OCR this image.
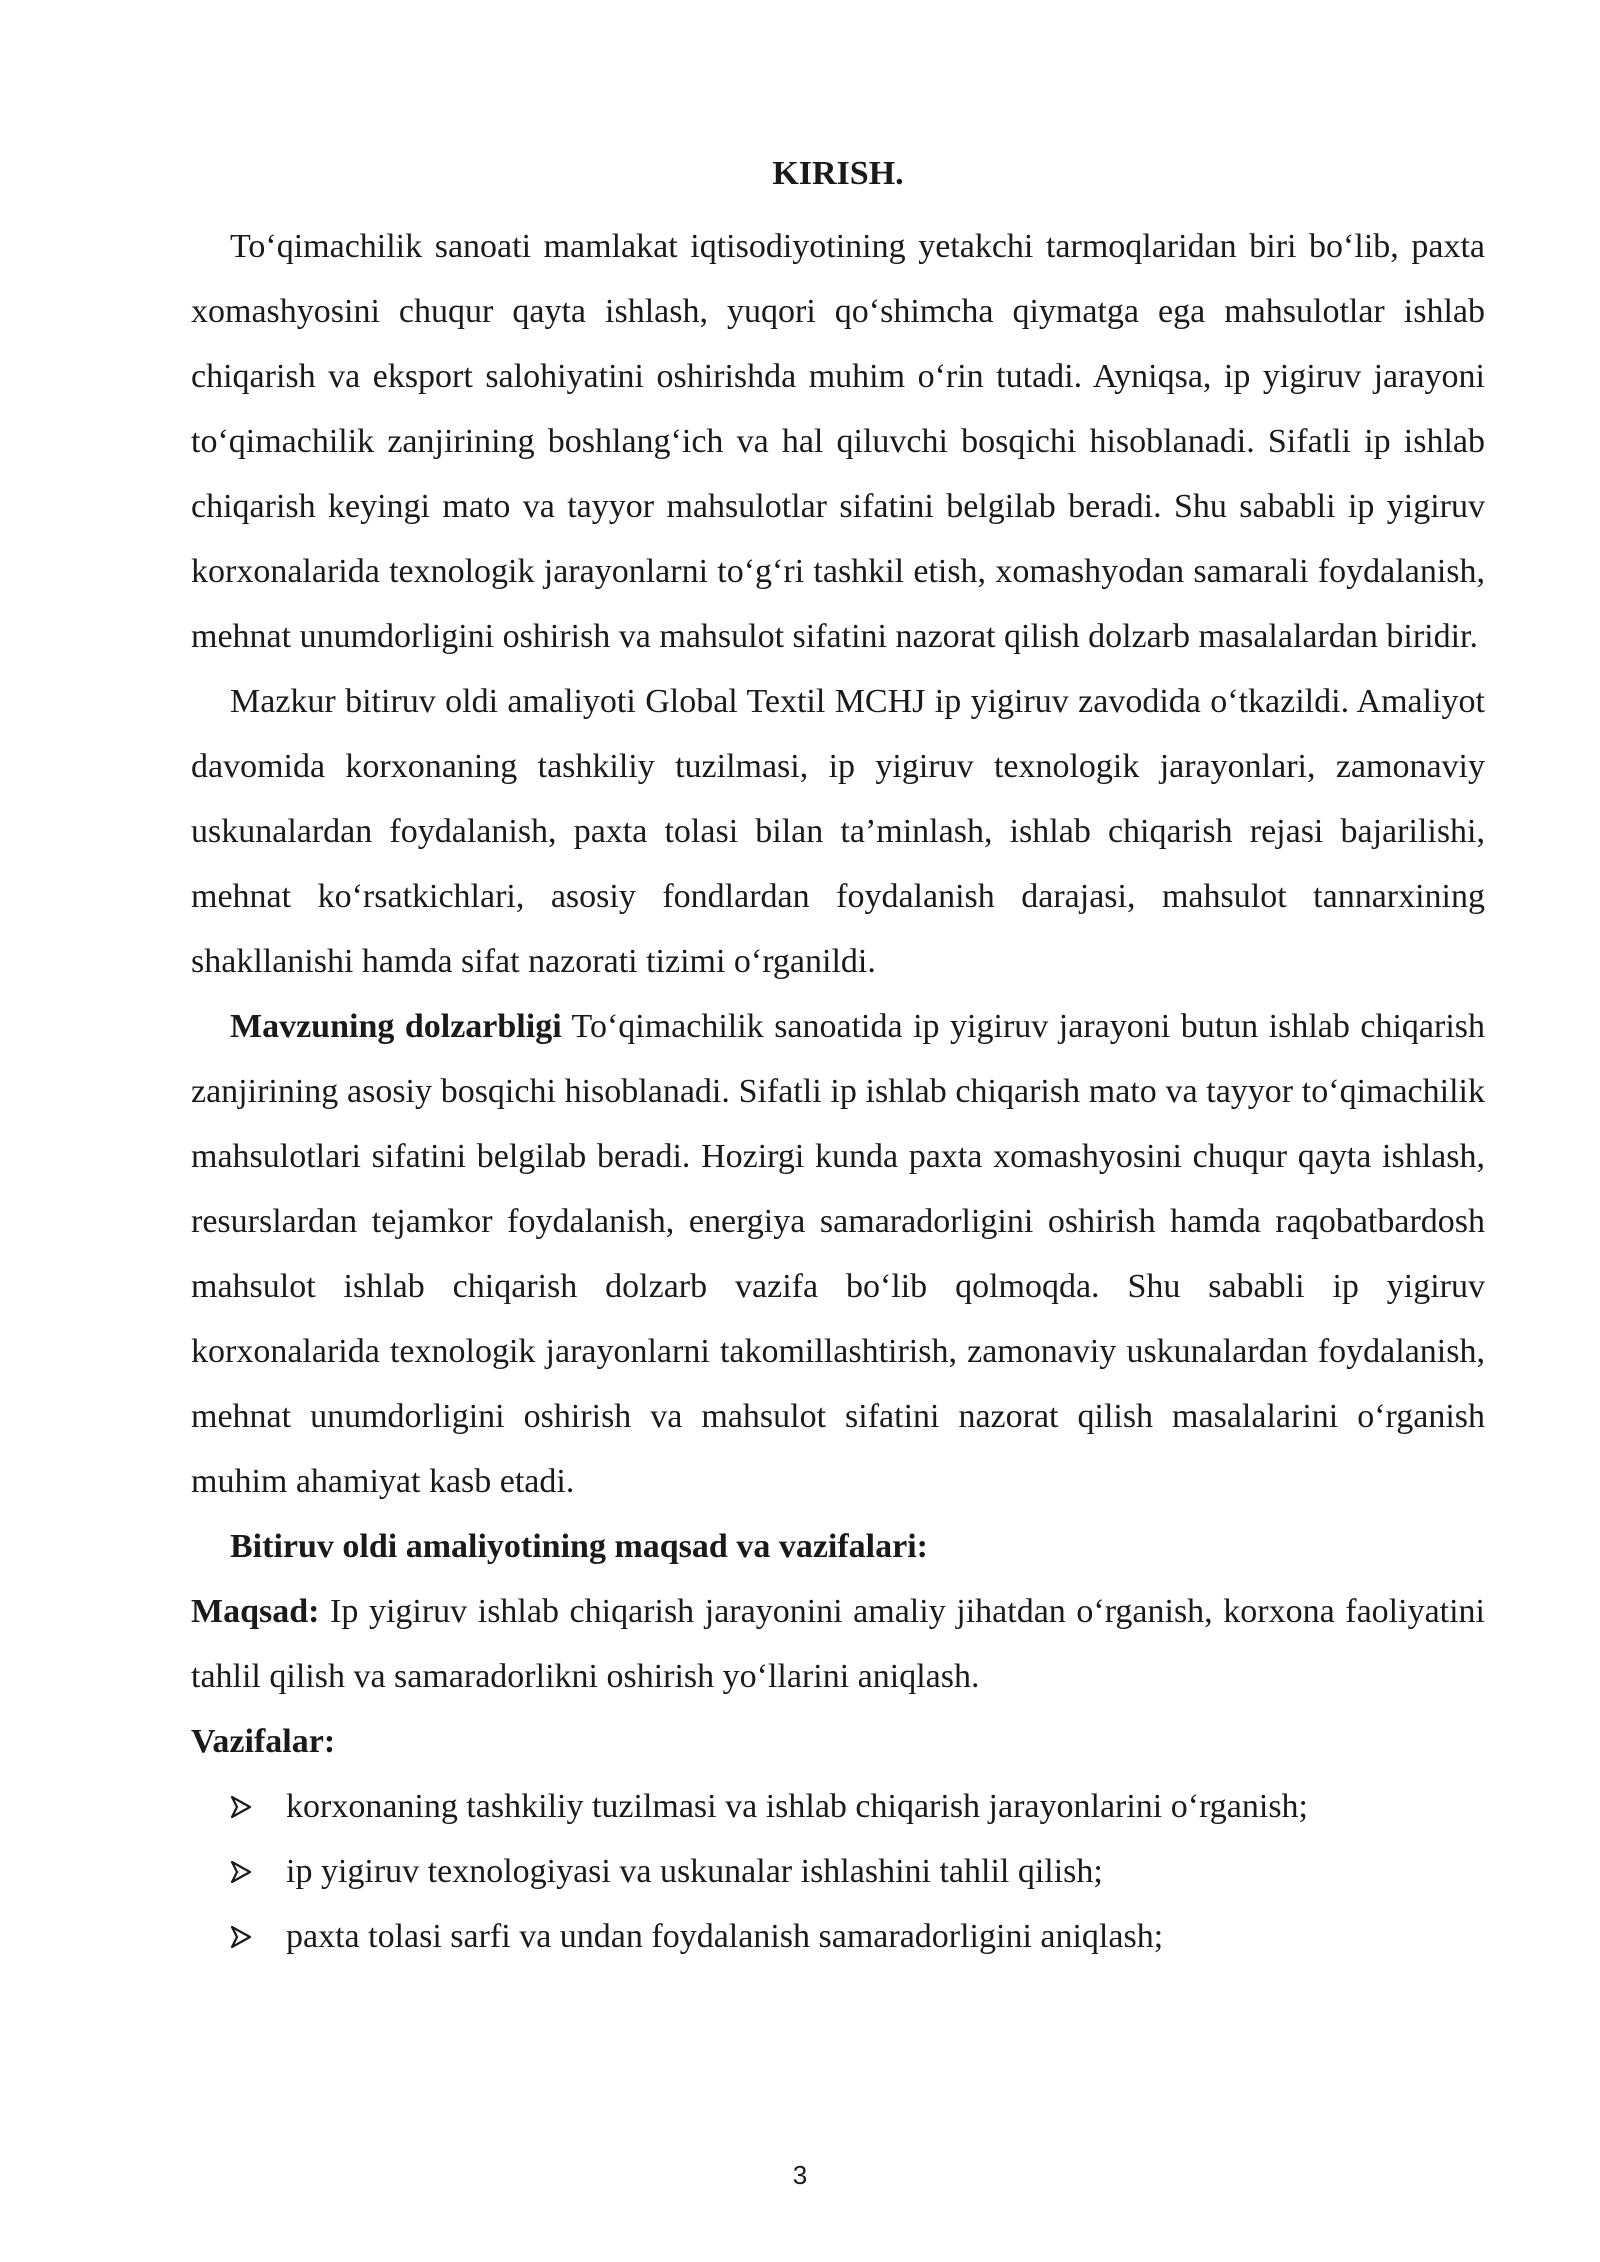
KIRISH.

To‘qimachilik sanoati mamlakat iqtisodiyotining yetakchi tarmoqlaridan biri bo‘lib, paxta xomashyosini chuqur qayta ishlash, yuqori qo‘shimcha qiymatga ega mahsulotlar ishlab chiqarish va eksport salohiyatini oshirishda muhim o‘rin tutadi. Ayniqsa, ip yigiruv jarayoni to‘qimachilik zanjirining boshlang‘ich va hal qiluvchi bosqichi hisoblanadi. Sifatli ip ishlab chiqarish keyingi mato va tayyor mahsulotlar sifatini belgilab beradi. Shu sababli ip yigiruv korxonalarida texnologik jarayonlarni to‘g‘ri tashkil etish, xomashyodan samarali foydalanish, mehnat unumdorligini oshirish va mahsulot sifatini nazorat qilish dolzarb masalalardan biridir.

Mazkur bitiruv oldi amaliyoti Global Textil MCHJ ip yigiruv zavodida o‘tkazildi. Amaliyot davomida korxonaning tashkiliy tuzilmasi, ip yigiruv texnologik jarayonlari, zamonaviy uskunalardan foydalanish, paxta tolasi bilan ta’minlash, ishlab chiqarish rejasi bajarilishi, mehnat ko‘rsatkichlari, asosiy fondlardan foydalanish darajasi, mahsulot tannarxining shakllanishi hamda sifat nazorati tizimi o‘rganildi.

Mavzuning dolzarbligi To‘qimachilik sanoatida ip yigiruv jarayoni butun ishlab chiqarish zanjirining asosiy bosqichi hisoblanadi. Sifatli ip ishlab chiqarish mato va tayyor to‘qimachilik mahsulotlari sifatini belgilab beradi. Hozirgi kunda paxta xomashyosini chuqur qayta ishlash, resurslardan tejamkor foydalanish, energiya samaradorligini oshirish hamda raqobatbardosh mahsulot ishlab chiqarish dolzarb vazifa bo‘lib qolmoqda. Shu sababli ip yigiruv korxonalarida texnologik jarayonlarni takomillashtirish, zamonaviy uskunalardan foydalanish, mehnat unumdorligini oshirish va mahsulot sifatini nazorat qilish masalalarini o‘rganish muhim ahamiyat kasb etadi.

Bitiruv oldi amaliyotining maqsad va vazifalari:

Maqsad: Ip yigiruv ishlab chiqarish jarayonini amaliy jihatdan o‘rganish, korxona faoliyatini tahlil qilish va samaradorlikni oshirish yo‘llarini aniqlash.

Vazifalar:

korxonaning tashkiliy tuzilmasi va ishlab chiqarish jarayonlarini o‘rganish;
ip yigiruv texnologiyasi va uskunalar ishlashini tahlil qilish;
paxta tolasi sarfi va undan foydalanish samaradorligini aniqlash;
3
